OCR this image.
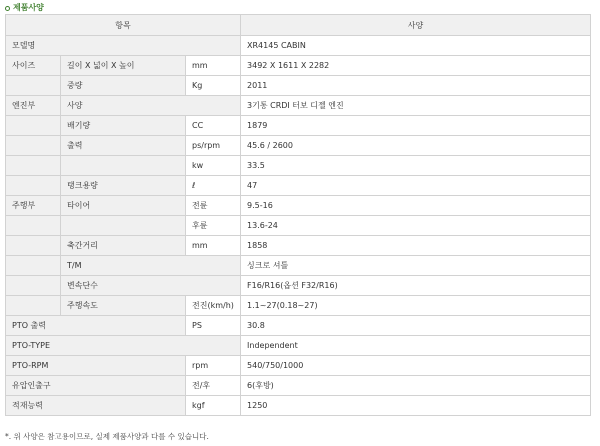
제품사양
항목			사양
모델명			XR4145 CABIN
사이즈	길이 X 넓이 X 높이	mm	3492 X 1611 X 2282
	중량	Kg	2011
엔진부	사양		3기통 CRDI 터보 디젤 엔진
	배기량	CC	1879
	출력	ps/rpm	45.6 / 2600
		kw	33.5
	탱크용량	ℓ	47
주행부	타이어	전륜	9.5-16
		후륜	13.6-24
	축간거리	mm	1858
	T/M		싱크로 셔틀
	변속단수		F16/R16(옵션 F32/R16)
	주행속도	전진(km/h)	1.1~27(0.18~27)
PTO 출력		PS	30.8
PTO-TYPE			Independent
PTO-RPM		rpm	540/750/1000
유압인출구		전/후	6(후방)
적재능력		kgf	1250
*. 위 사양은 참고용이므로, 실제 제품사양과 다를 수 있습니다.
